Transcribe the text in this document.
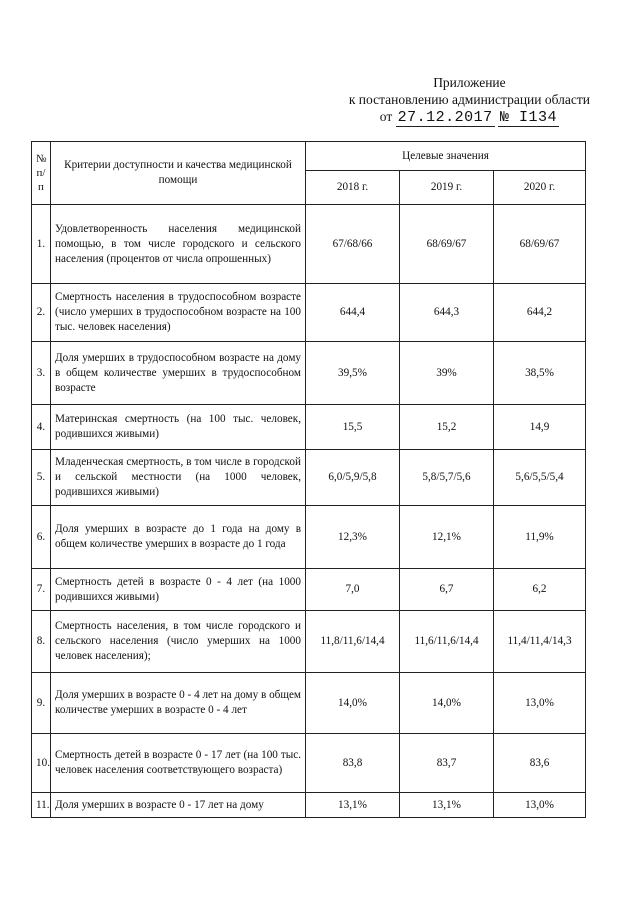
Приложение
к постановлению администрации области
от 27.12.2017 № I134
№ п/п	Критерии доступности и качества медицинской помощи	Целевые значения		
		2018 г.	2019 г.	2020 г.
1.	Удовлетворенность населения медицинской помощью, в том числе городского и сельского населения (процентов от числа опрошенных)	67/68/66	68/69/67	68/69/67
2.	Смертность населения в трудоспособном возрасте (число умерших в трудоспособном возрасте на 100 тыс. человек населения)	644,4	644,3	644,2
3.	Доля умерших в трудоспособном возрасте на дому в общем количестве умерших в трудоспособном возрасте	39,5%	39%	38,5%
4.	Материнская смертность (на 100 тыс. человек, родившихся живыми)	15,5	15,2	14,9
5.	Младенческая смертность, в том числе в городской и сельской местности (на 1000 человек, родившихся живыми)	6,0/5,9/5,8	5,8/5,7/5,6	5,6/5,5/5,4
6.	Доля умерших в возрасте до 1 года на дому в общем количестве умерших в возрасте до 1 года	12,3%	12,1%	11,9%
7.	Смертность детей в возрасте 0 - 4 лет (на 1000 родившихся живыми)	7,0	6,7	6,2
8.	Смертность населения, в том числе городского и сельского населения (число умерших на 1000 человек населения);	11,8/11,6/14,4	11,6/11,6/14,4	11,4/11,4/14,3
9.	Доля умерших в возрасте 0 - 4 лет на дому в общем количестве умерших в возрасте 0 - 4 лет	14,0%	14,0%	13,0%
10.	Смертность детей в возрасте 0 - 17 лет (на 100 тыс. человек населения соответствующего возраста)	83,8	83,7	83,6
11.	Доля умерших в возрасте 0 - 17 лет на дому	13,1%	13,1%	13,0%
